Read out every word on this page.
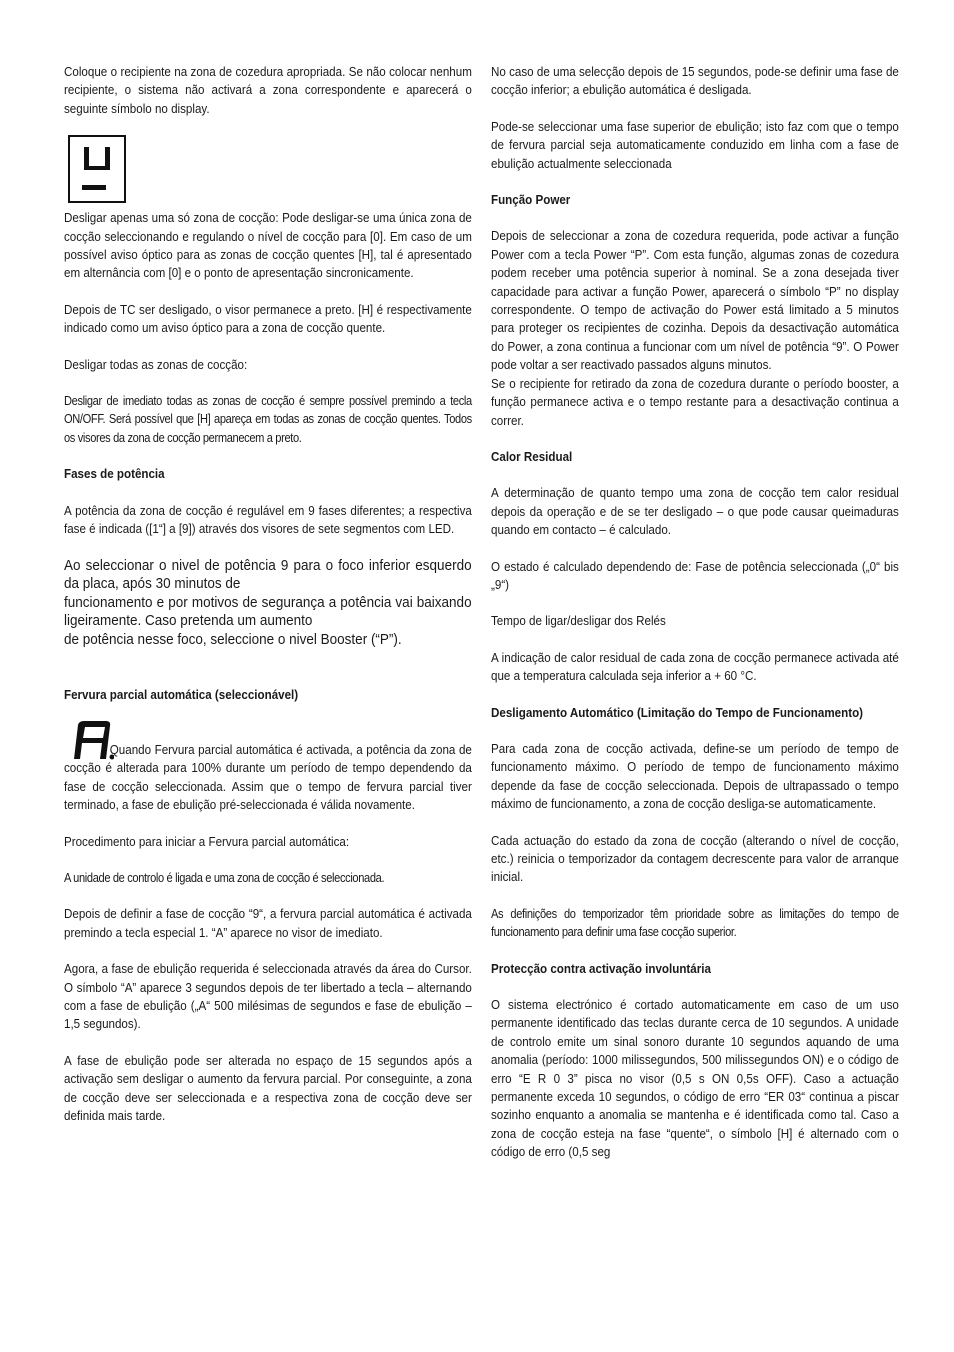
Coloque o recipiente na zona de cozedura apropriada. Se não colocar nenhum recipiente, o sistema não activará a zona correspondente e aparecerá o seguinte símbolo no display.

Desligar apenas uma só zona de cocção: Pode desligar-se uma única zona de cocção seleccionando e regulando o nível de cocção para [0]. Em caso de um possível aviso óptico para as zonas de cocção quentes [H], tal é apresentado em alternância com [0] e o ponto de apresentação sincronicamente.

Depois de TC ser desligado, o visor permanece a preto. [H] é respectivamente indicado como um aviso óptico para a zona de cocção quente.

Desligar todas as zonas de cocção:

Desligar de imediato todas as zonas de cocção é sempre possível premindo a tecla ON/OFF. Será possível que [H] apareça em todas as zonas de cocção quentes. Todos os visores da zona de cocção permanecem a preto.

Fases de potência

A potência da zona de cocção é regulável em 9 fases diferentes; a respectiva fase é indicada ([1“] a [9]) através dos visores de sete segmentos com LED.

Ao seleccionar o nivel de potência 9 para o foco inferior esquerdo da placa, após 30 minutos de

funcionamento e por motivos de segurança a potência vai baixando ligeiramente. Caso pretenda um aumento

de potência nesse foco, seleccione o nivel Booster (“P”).

Fervura parcial automática (seleccionável)

Quando Fervura parcial automática é activada, a potência da zona de cocção é alterada para 100% durante um período de tempo dependendo da fase de cocção seleccionada. Assim que o tempo de fervura parcial tiver terminado, a fase de ebulição pré-seleccionada é válida novamente.

Procedimento para iniciar a Fervura parcial automática:

A unidade de controlo é ligada e uma zona de cocção é seleccionada.

Depois de definir a fase de cocção “9“, a fervura parcial automática é activada premindo a tecla especial 1. “A” aparece no visor de imediato.

Agora, a fase de ebulição requerida é seleccionada através da área do Cursor. O símbolo “A” aparece 3 segundos depois de ter libertado a tecla – alternando com a fase de ebulição („A“ 500 milésimas de segundos e fase de ebulição – 1,5 segundos).

A fase de ebulição pode ser alterada no espaço de 15 segundos após a activação sem desligar o aumento da fervura parcial. Por conseguinte, a zona de cocção deve ser seleccionada e a respectiva zona de cocção deve ser definida mais tarde.

No caso de uma selecção depois de 15 segundos, pode-se definir uma fase de cocção inferior; a ebulição automática é desligada.

Pode-se seleccionar uma fase superior de ebulição; isto faz com que o tempo de fervura parcial seja automaticamente conduzido em linha com a fase de ebulição actualmente seleccionada

Função Power

Depois de seleccionar a zona de cozedura requerida, pode activar a função Power com a tecla Power “P”. Com esta função, algumas zonas de cozedura podem receber uma potência superior à nominal. Se a zona desejada tiver capacidade para activar a função Power, aparecerá o símbolo “P” no display correspondente. O tempo de activação do Power está limitado a 5 minutos para proteger os recipientes de cozinha. Depois da desactivação automática do Power, a zona continua a funcionar com um nível de potência “9”. O Power pode voltar a ser reactivado passados alguns minutos.

Se o recipiente for retirado da zona de cozedura durante o período booster, a função permanece activa e o tempo restante para a desactivação continua a correr.

Calor Residual

A determinação de quanto tempo uma zona de cocção tem calor residual depois da operação e de se ter desligado – o que pode causar queimaduras quando em contacto – é calculado.

O estado é calculado dependendo de: Fase de potência seleccionada („0“ bis „9“)

Tempo de ligar/desligar dos Relés

A indicação de calor residual de cada zona de cocção permanece activada até que a temperatura calculada seja inferior a + 60 °C.

Desligamento Automático (Limitação do Tempo de Funcionamento)

Para cada zona de cocção activada, define-se um período de tempo de funcionamento máximo. O período de tempo de funcionamento máximo depende da fase de cocção seleccionada. Depois de ultrapassado o tempo máximo de funcionamento, a zona de cocção desliga-se automaticamente.

Cada actuação do estado da zona de cocção (alterando o nível de cocção, etc.) reinicia o temporizador da contagem decrescente para valor de arranque inicial.

As definições do temporizador têm prioridade sobre as limitações do tempo de funcionamento para definir uma fase cocção superior.

Protecção contra activação involuntária

O sistema electrónico é cortado automaticamente em caso de um uso permanente identificado das teclas durante cerca de 10 segundos. A unidade de controlo emite um sinal sonoro durante 10 segundos aquando de uma anomalia (período: 1000 milissegundos, 500 milissegundos ON) e o código de erro “E R 0 3” pisca no visor (0,5 s ON 0,5s OFF). Caso a actuação permanente exceda 10 segundos, o código de erro “ER 03“ continua a piscar sozinho enquanto a anomalia se mantenha e é identificada como tal. Caso a zona de cocção esteja na fase “quente“, o símbolo [H] é alternado com o código de erro (0,5 seg
